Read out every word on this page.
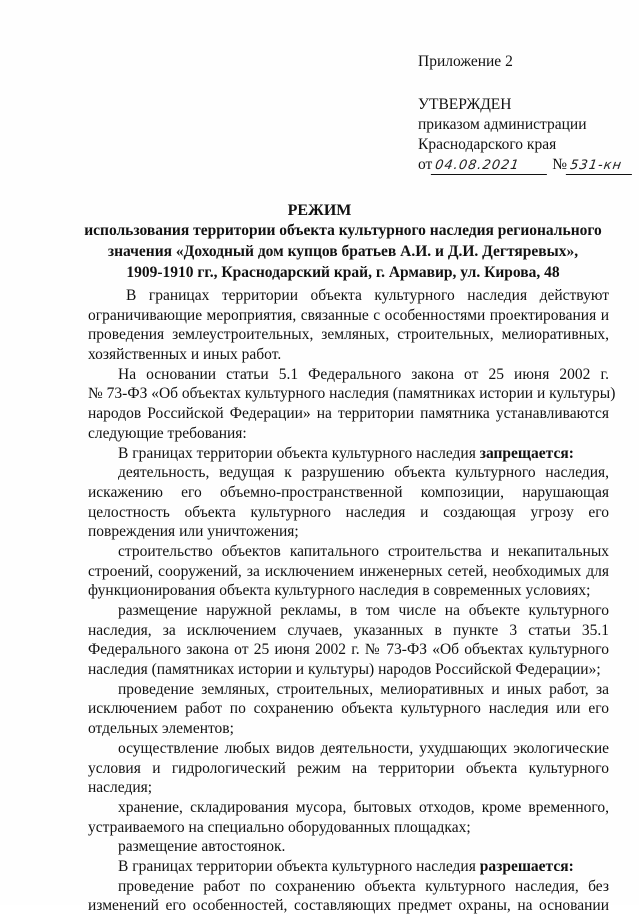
Приложение 2
УТВЕРЖДЕН
приказом администрации
Краснодарского края
от 04.08.2021 № 531-кн
РЕЖИМ
использования территории объекта культурного наследия регионального
значения «Доходный дом купцов братьев А.И. и Д.И. Дегтяревых»,
1909-1910 гг., Краснодарский край, г. Армавир, ул. Кирова, 48
В границах территории объекта культурного наследия действуют
ограничивающие мероприятия, связанные с особенностями проектирования и
проведения землеустроительных, земляных, строительных, мелиоративных,
хозяйственных и иных работ.
На основании статьи 5.1 Федерального закона от 25 июня 2002 г.
№ 73-ФЗ «Об объектах культурного наследия (памятниках истории и культуры)
народов Российской Федерации» на территории памятника устанавливаются
следующие требования:
В границах территории объекта культурного наследия запрещается:
деятельность, ведущая к разрушению объекта культурного наследия,
искажению его объемно-пространственной композиции, нарушающая
целостность объекта культурного наследия и создающая угрозу его
повреждения или уничтожения;
строительство объектов капитального строительства и некапитальных
строений, сооружений, за исключением инженерных сетей, необходимых для
функционирования объекта культурного наследия в современных условиях;
размещение наружной рекламы, в том числе на объекте культурного
наследия, за исключением случаев, указанных в пункте 3 статьи 35.1
Федерального закона от 25 июня 2002 г. № 73-ФЗ «Об объектах культурного
наследия (памятниках истории и культуры) народов Российской Федерации»;
проведение земляных, строительных, мелиоративных и иных работ, за
исключением работ по сохранению объекта культурного наследия или его
отдельных элементов;
осуществление любых видов деятельности, ухудшающих экологические
условия и гидрологический режим на территории объекта культурного
наследия;
хранение, складирования мусора, бытовых отходов, кроме временного,
устраиваемого на специально оборудованных площадках;
размещение автостоянок.
В границах территории объекта культурного наследия разрешается:
проведение работ по сохранению объекта культурного наследия, без
изменений его особенностей, составляющих предмет охраны, на основании
